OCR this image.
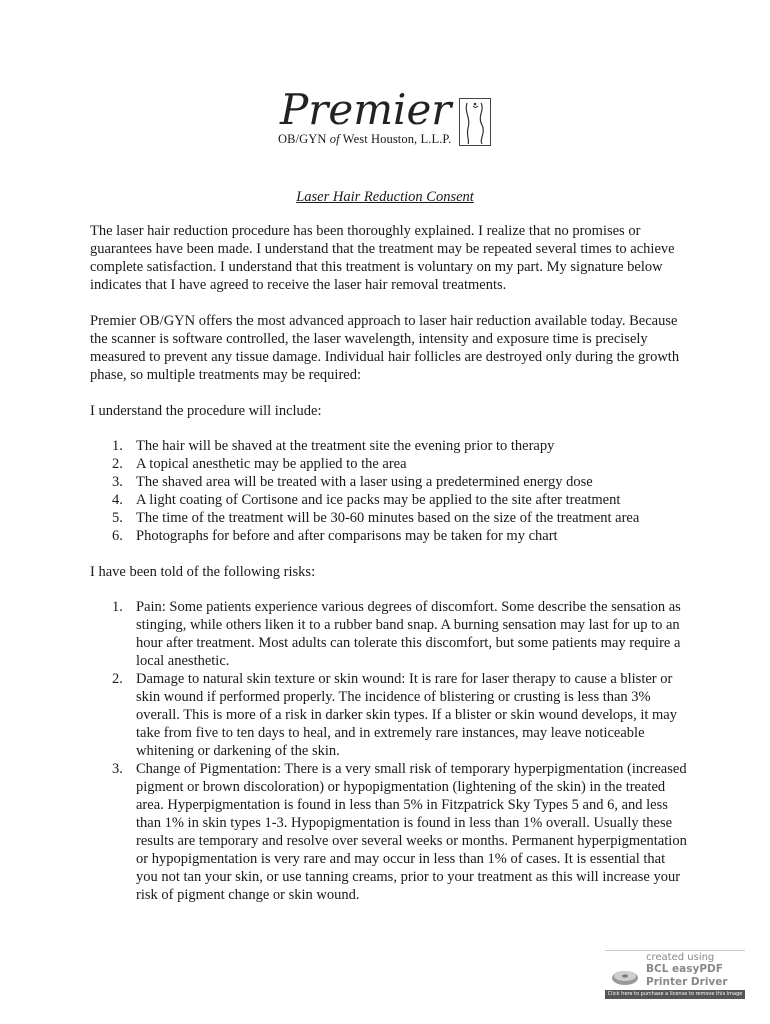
Premier
OB/GYN of West Houston, L.L.P.
Laser Hair Reduction Consent

The laser hair reduction procedure has been thoroughly explained. I realize that no promises or guarantees have been made. I understand that the treatment may be repeated several times to achieve complete satisfaction. I understand that this treatment is voluntary on my part. My signature below indicates that I have agreed to receive the laser hair removal treatments.

Premier OB/GYN offers the most advanced approach to laser hair reduction available today. Because the scanner is software controlled, the laser wavelength, intensity and exposure time is precisely measured to prevent any tissue damage. Individual hair follicles are destroyed only during the growth phase, so multiple treatments may be required:

I understand the procedure will include:

1. The hair will be shaved at the treatment site the evening prior to therapy
2. A topical anesthetic may be applied to the area
3. The shaved area will be treated with a laser using a predetermined energy dose
4. A light coating of Cortisone and ice packs may be applied to the site after treatment
5. The time of the treatment will be 30-60 minutes based on the size of the treatment area
6. Photographs for before and after comparisons may be taken for my chart

I have been told of the following risks:

1. Pain: Some patients experience various degrees of discomfort. Some describe the sensation as stinging, while others liken it to a rubber band snap. A burning sensation may last for up to an hour after treatment. Most adults can tolerate this discomfort, but some patients may require a local anesthetic.
2. Damage to natural skin texture or skin wound: It is rare for laser therapy to cause a blister or skin wound if performed properly. The incidence of blistering or crusting is less than 3% overall. This is more of a risk in darker skin types. If a blister or skin wound develops, it may take from five to ten days to heal, and in extremely rare instances, may leave noticeable whitening or darkening of the skin.
3. Change of Pigmentation: There is a very small risk of temporary hyperpigmentation (increased pigment or brown discoloration) or hypopigmentation (lightening of the skin) in the treated area. Hyperpigmentation is found in less than 5% in Fitzpatrick Sky Types 5 and 6, and less than 1% in skin types 1-3. Hypopigmentation is found in less than 1% overall. Usually these results are temporary and resolve over several weeks or months. Permanent hyperpigmentation or hypopigmentation is very rare and may occur in less than 1% of cases. It is essential that you not tan your skin, or use tanning creams, prior to your treatment as this will increase your risk of pigment change or skin wound.
created using
BCL easyPDF
Printer Driver
Click here to purchase a license to remove this image
